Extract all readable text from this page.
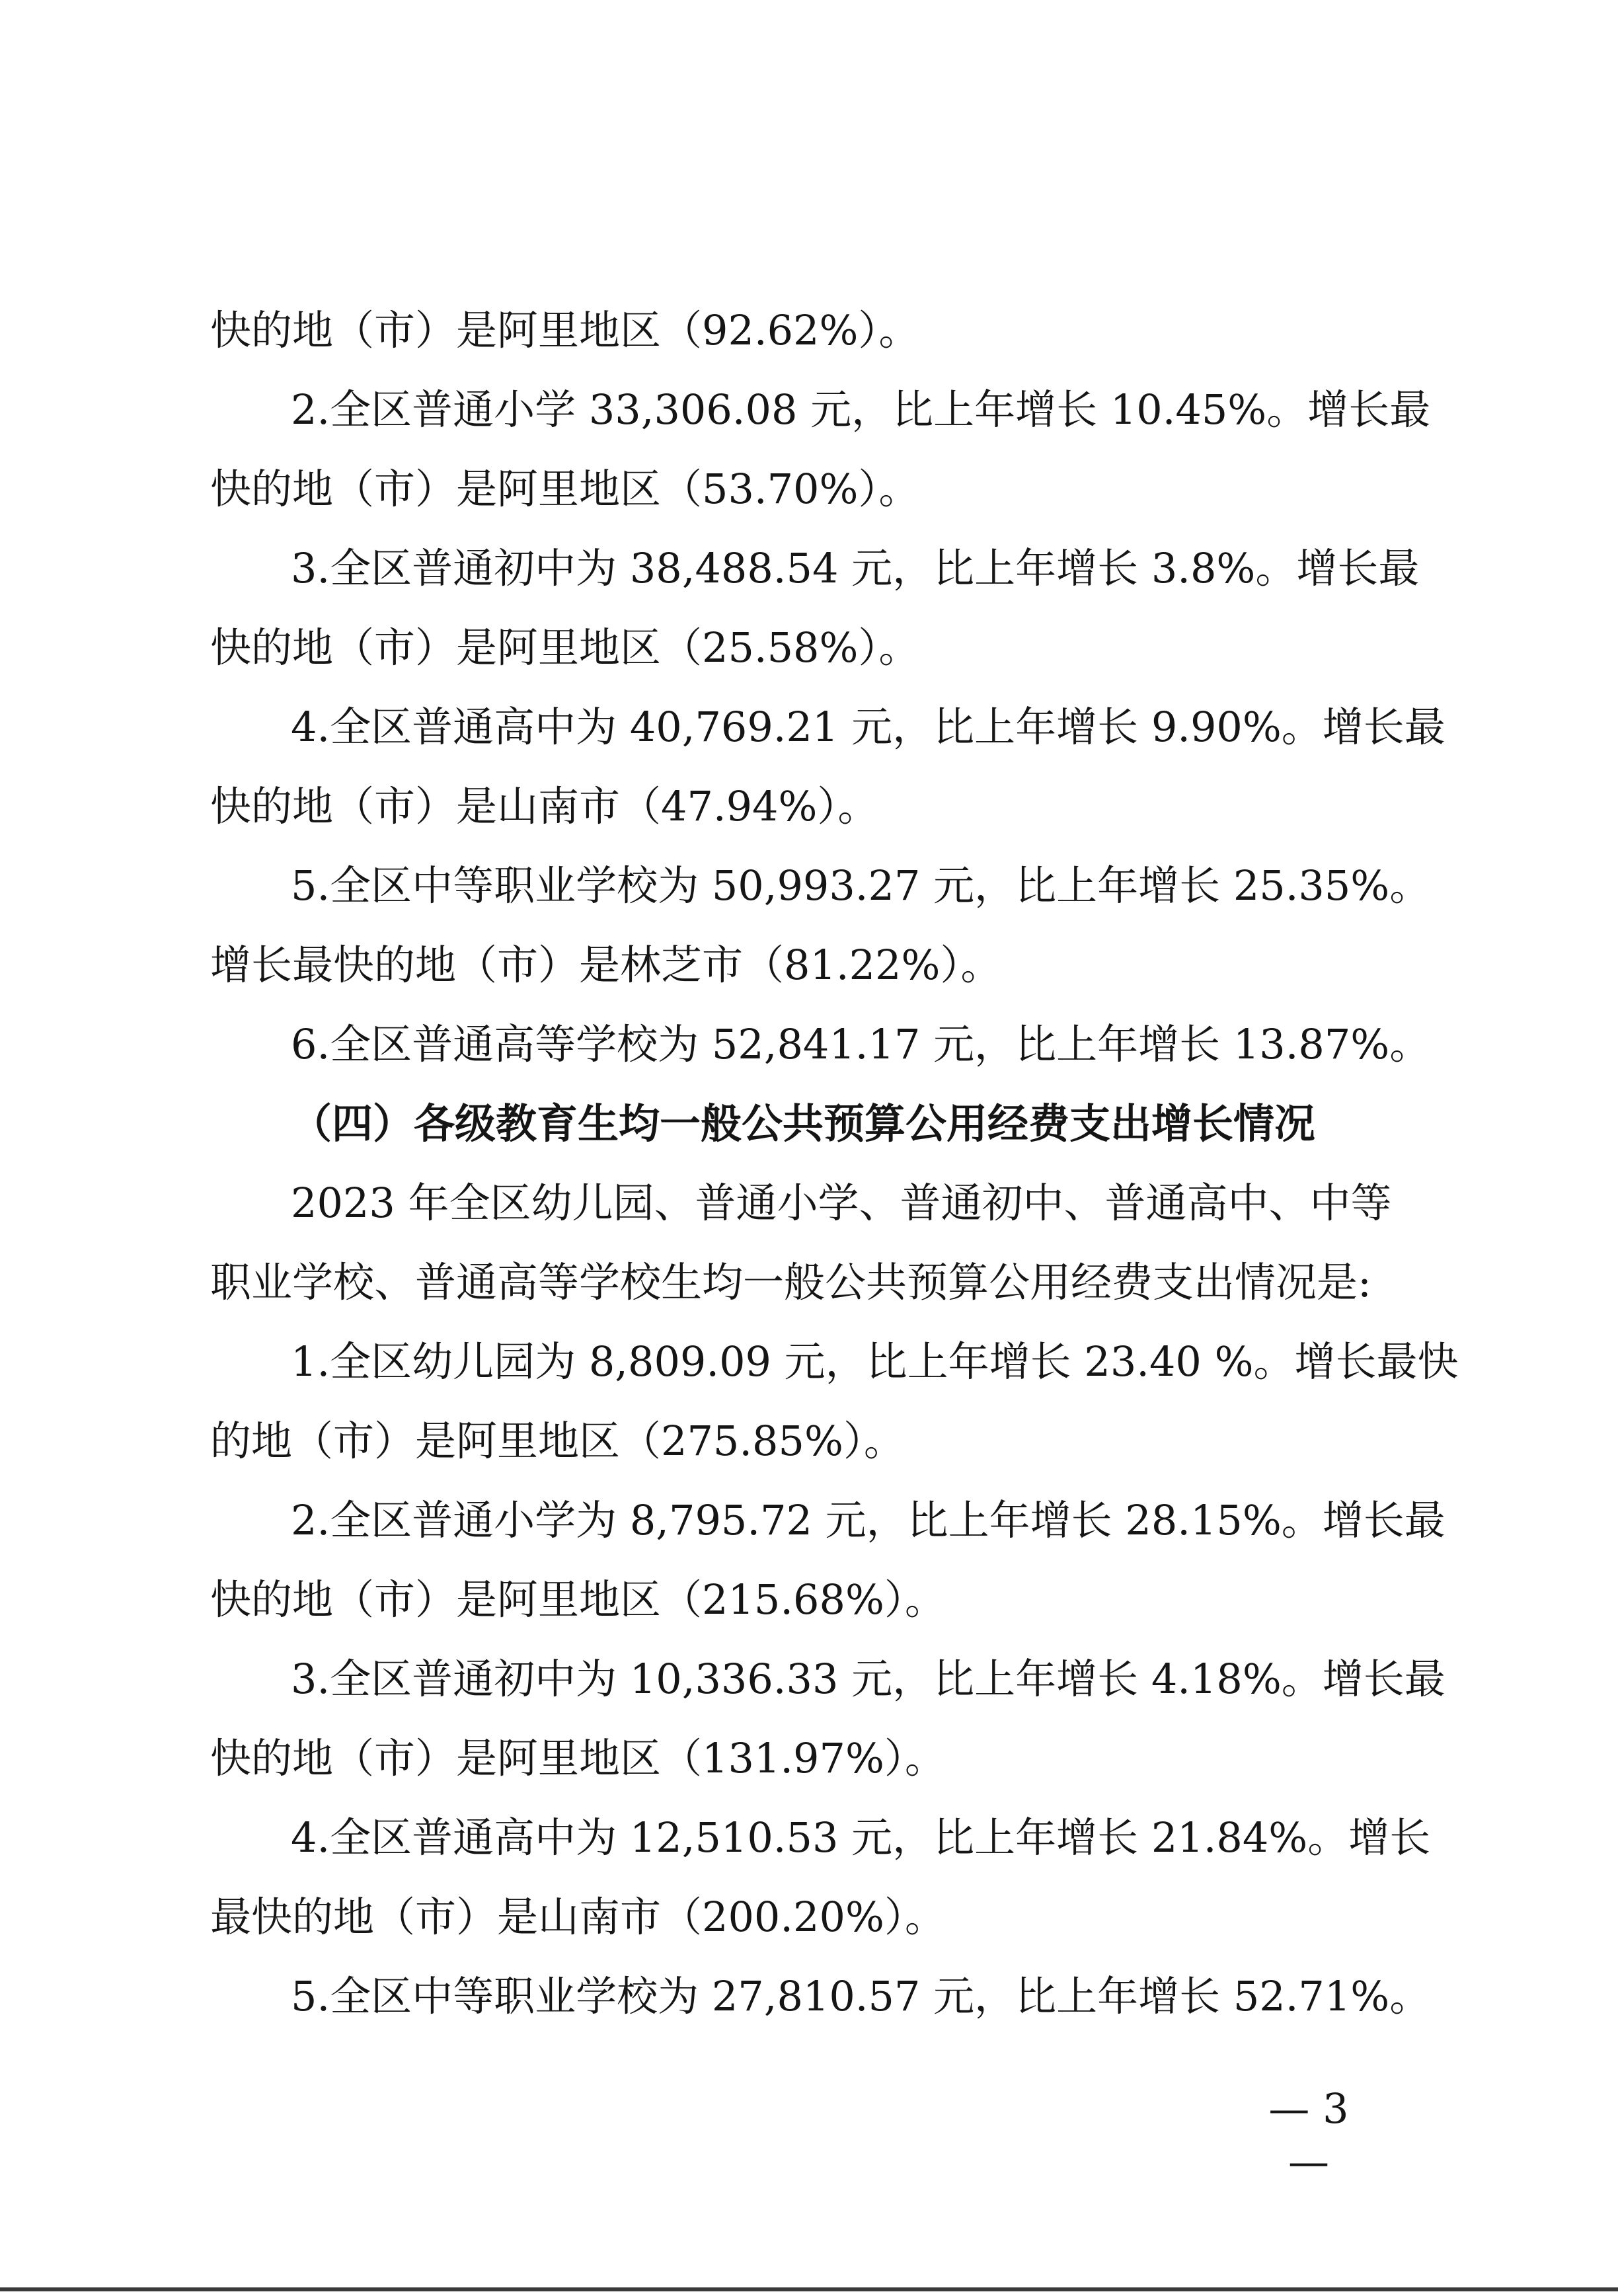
快的地（市）是阿里地区（92.62%）。
2.全区普通小学 33,306.08 元，比上年增长 10.45%。增长最
快的地（市）是阿里地区（53.70%）。
3.全区普通初中为 38,488.54 元，比上年增长 3.8%。增长最
快的地（市）是阿里地区（25.58%）。
4.全区普通高中为 40,769.21 元，比上年增长 9.90%。增长最
快的地（市）是山南市（47.94%）。
5.全区中等职业学校为 50,993.27 元，比上年增长 25.35%。
增长最快的地（市）是林芝市（81.22%）。
6.全区普通高等学校为 52,841.17 元，比上年增长 13.87%。
（四）各级教育生均一般公共预算公用经费支出增长情况
2023 年全区幼儿园、普通小学、普通初中、普通高中、中等
职业学校、普通高等学校生均一般公共预算公用经费支出情况是:
1.全区幼儿园为 8,809.09 元，比上年增长 23.40 %。增长最快
的地（市）是阿里地区（275.85%）。
2.全区普通小学为 8,795.72 元，比上年增长 28.15%。增长最
快的地（市）是阿里地区（215.68%）。
3.全区普通初中为 10,336.33 元，比上年增长 4.18%。增长最
快的地（市）是阿里地区（131.97%）。
4.全区普通高中为 12,510.53 元，比上年增长 21.84%。增长
最快的地（市）是山南市（200.20%）。
5.全区中等职业学校为 27,810.57 元，比上年增长 52.71%。
— 3 —
